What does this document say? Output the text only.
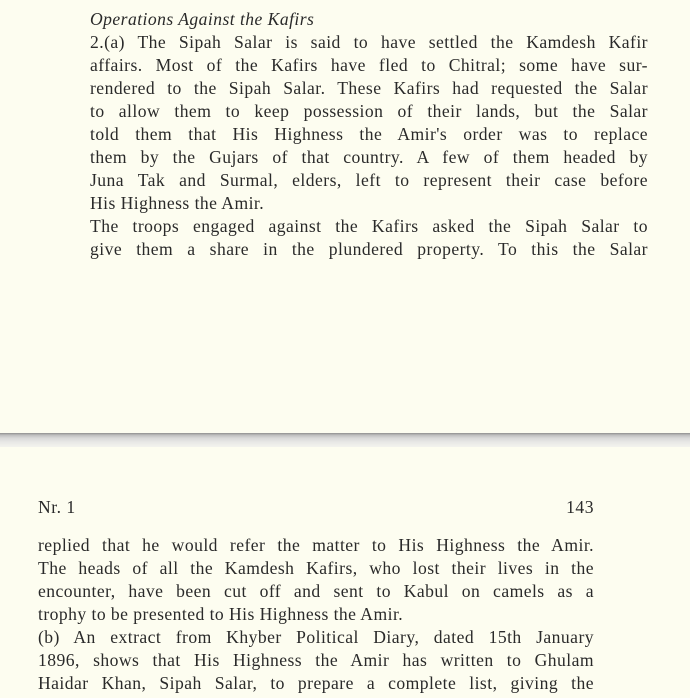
Operations Against the Kafirs
2.(a) The Sipah Salar is said to have settled the Kamdesh Kafir
affairs. Most of the Kafirs have fled to Chitral; some have sur-
rendered to the Sipah Salar. These Kafirs had requested the Salar
to allow them to keep possession of their lands, but the Salar
told them that His Highness the Amir's order was to replace
them by the Gujars of that country. A few of them headed by
Juna Tak and Surmal, elders, left to represent their case before
His Highness the Amir.
The troops engaged against the Kafirs asked the Sipah Salar to
give them a share in the plundered property. To this the Salar
Nr. 1	143
replied that he would refer the matter to His Highness the Amir.
The heads of all the Kamdesh Kafirs, who lost their lives in the
encounter, have been cut off and sent to Kabul on camels as a
trophy to be presented to His Highness the Amir.
(b) An extract from Khyber Political Diary, dated 15th January
1896, shows that His Highness the Amir has written to Ghulam
Haidar Khan, Sipah Salar, to prepare a complete list, giving the
